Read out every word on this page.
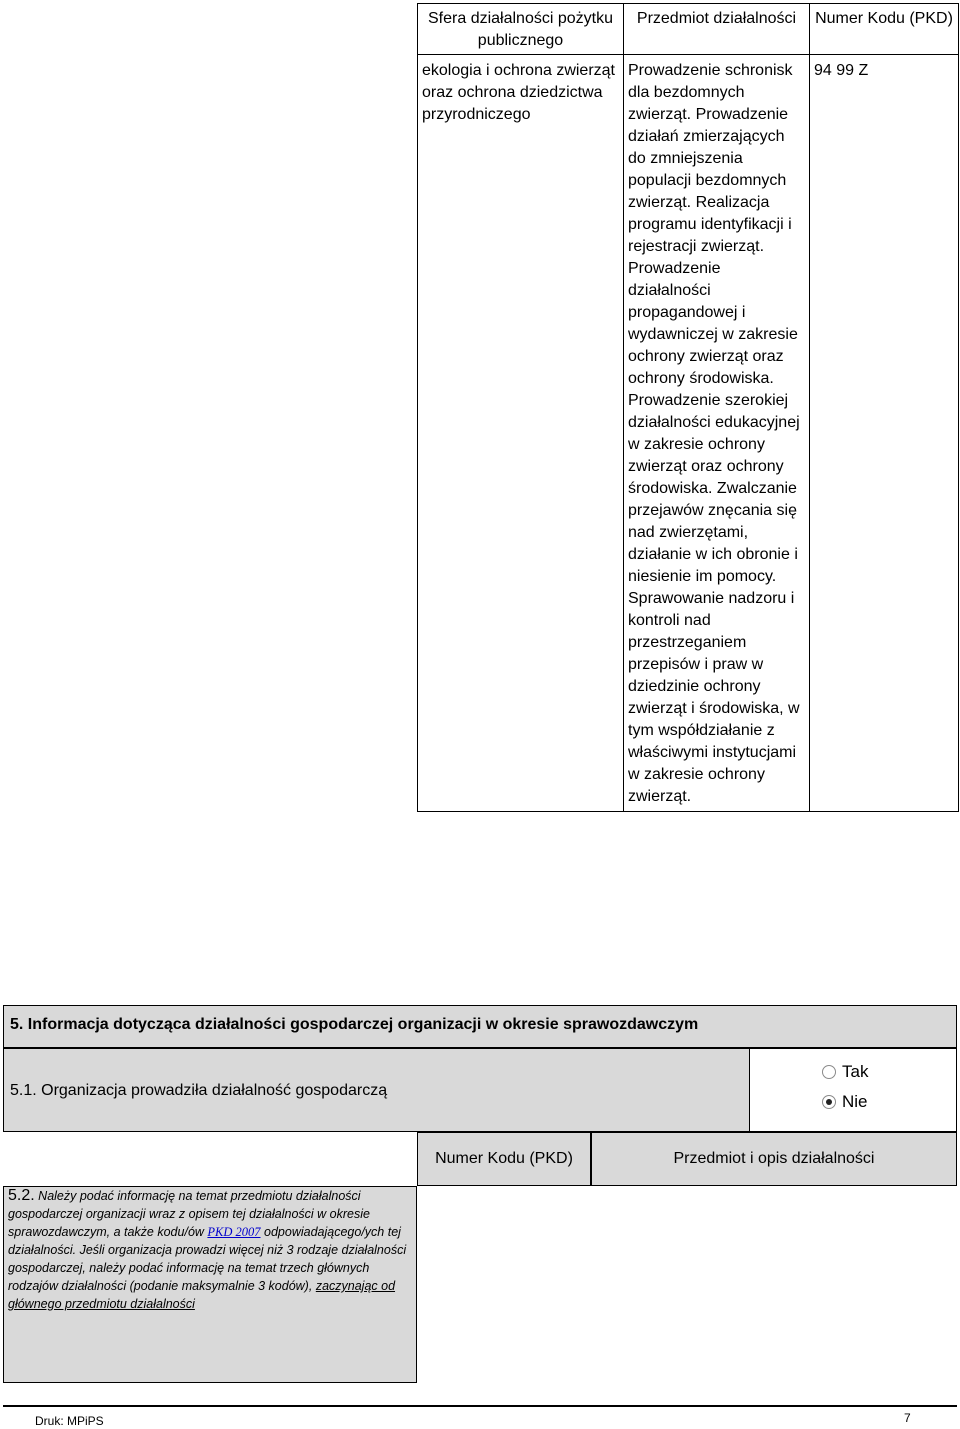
Sfera działalności pożytku publicznego	Przedmiot działalności	Numer Kodu (PKD)
ekologia i ochrona zwierząt oraz ochrona dziedzictwa przyrodniczego	Prowadzenie schronisk dla bezdomnych zwierząt. Prowadzenie działań zmierzających do zmniejszenia populacji bezdomnych zwierząt. Realizacja programu identyfikacji i rejestracji zwierząt. Prowadzenie działalności propagandowej i wydawniczej w zakresie ochrony zwierząt oraz ochrony środowiska. Prowadzenie szerokiej działalności edukacyjnej w zakresie ochrony zwierząt oraz ochrony środowiska. Zwalczanie przejawów znęcania się nad zwierzętami, działanie w ich obronie i niesienie im pomocy. Sprawowanie nadzoru i kontroli nad przestrzeganiem przepisów i praw w dziedzinie ochrony zwierząt i środowiska, w tym współdziałanie z właściwymi instytucjami w zakresie ochrony zwierząt.	94 99 Z
5. Informacja dotycząca działalności gospodarczej organizacji w okresie sprawozdawczym
5.1. Organizacja prowadziła działalność gospodarczą
Tak
Nie
Numer Kodu (PKD)	Przedmiot i opis działalności
5.2. Należy podać informację na temat przedmiotu działalności gospodarczej organizacji wraz z opisem tej działalności w okresie sprawozdawczym, a także kodu/ów PKD 2007 odpowiadającego/ych tej działalności. Jeśli organizacja prowadzi więcej niż 3 rodzaje działalności gospodarczej, należy podać informację na temat trzech głównych rodzajów działalności (podanie maksymalnie 3 kodów), zaczynając od głównego przedmiotu działalności
Druk: MPiPS	7
